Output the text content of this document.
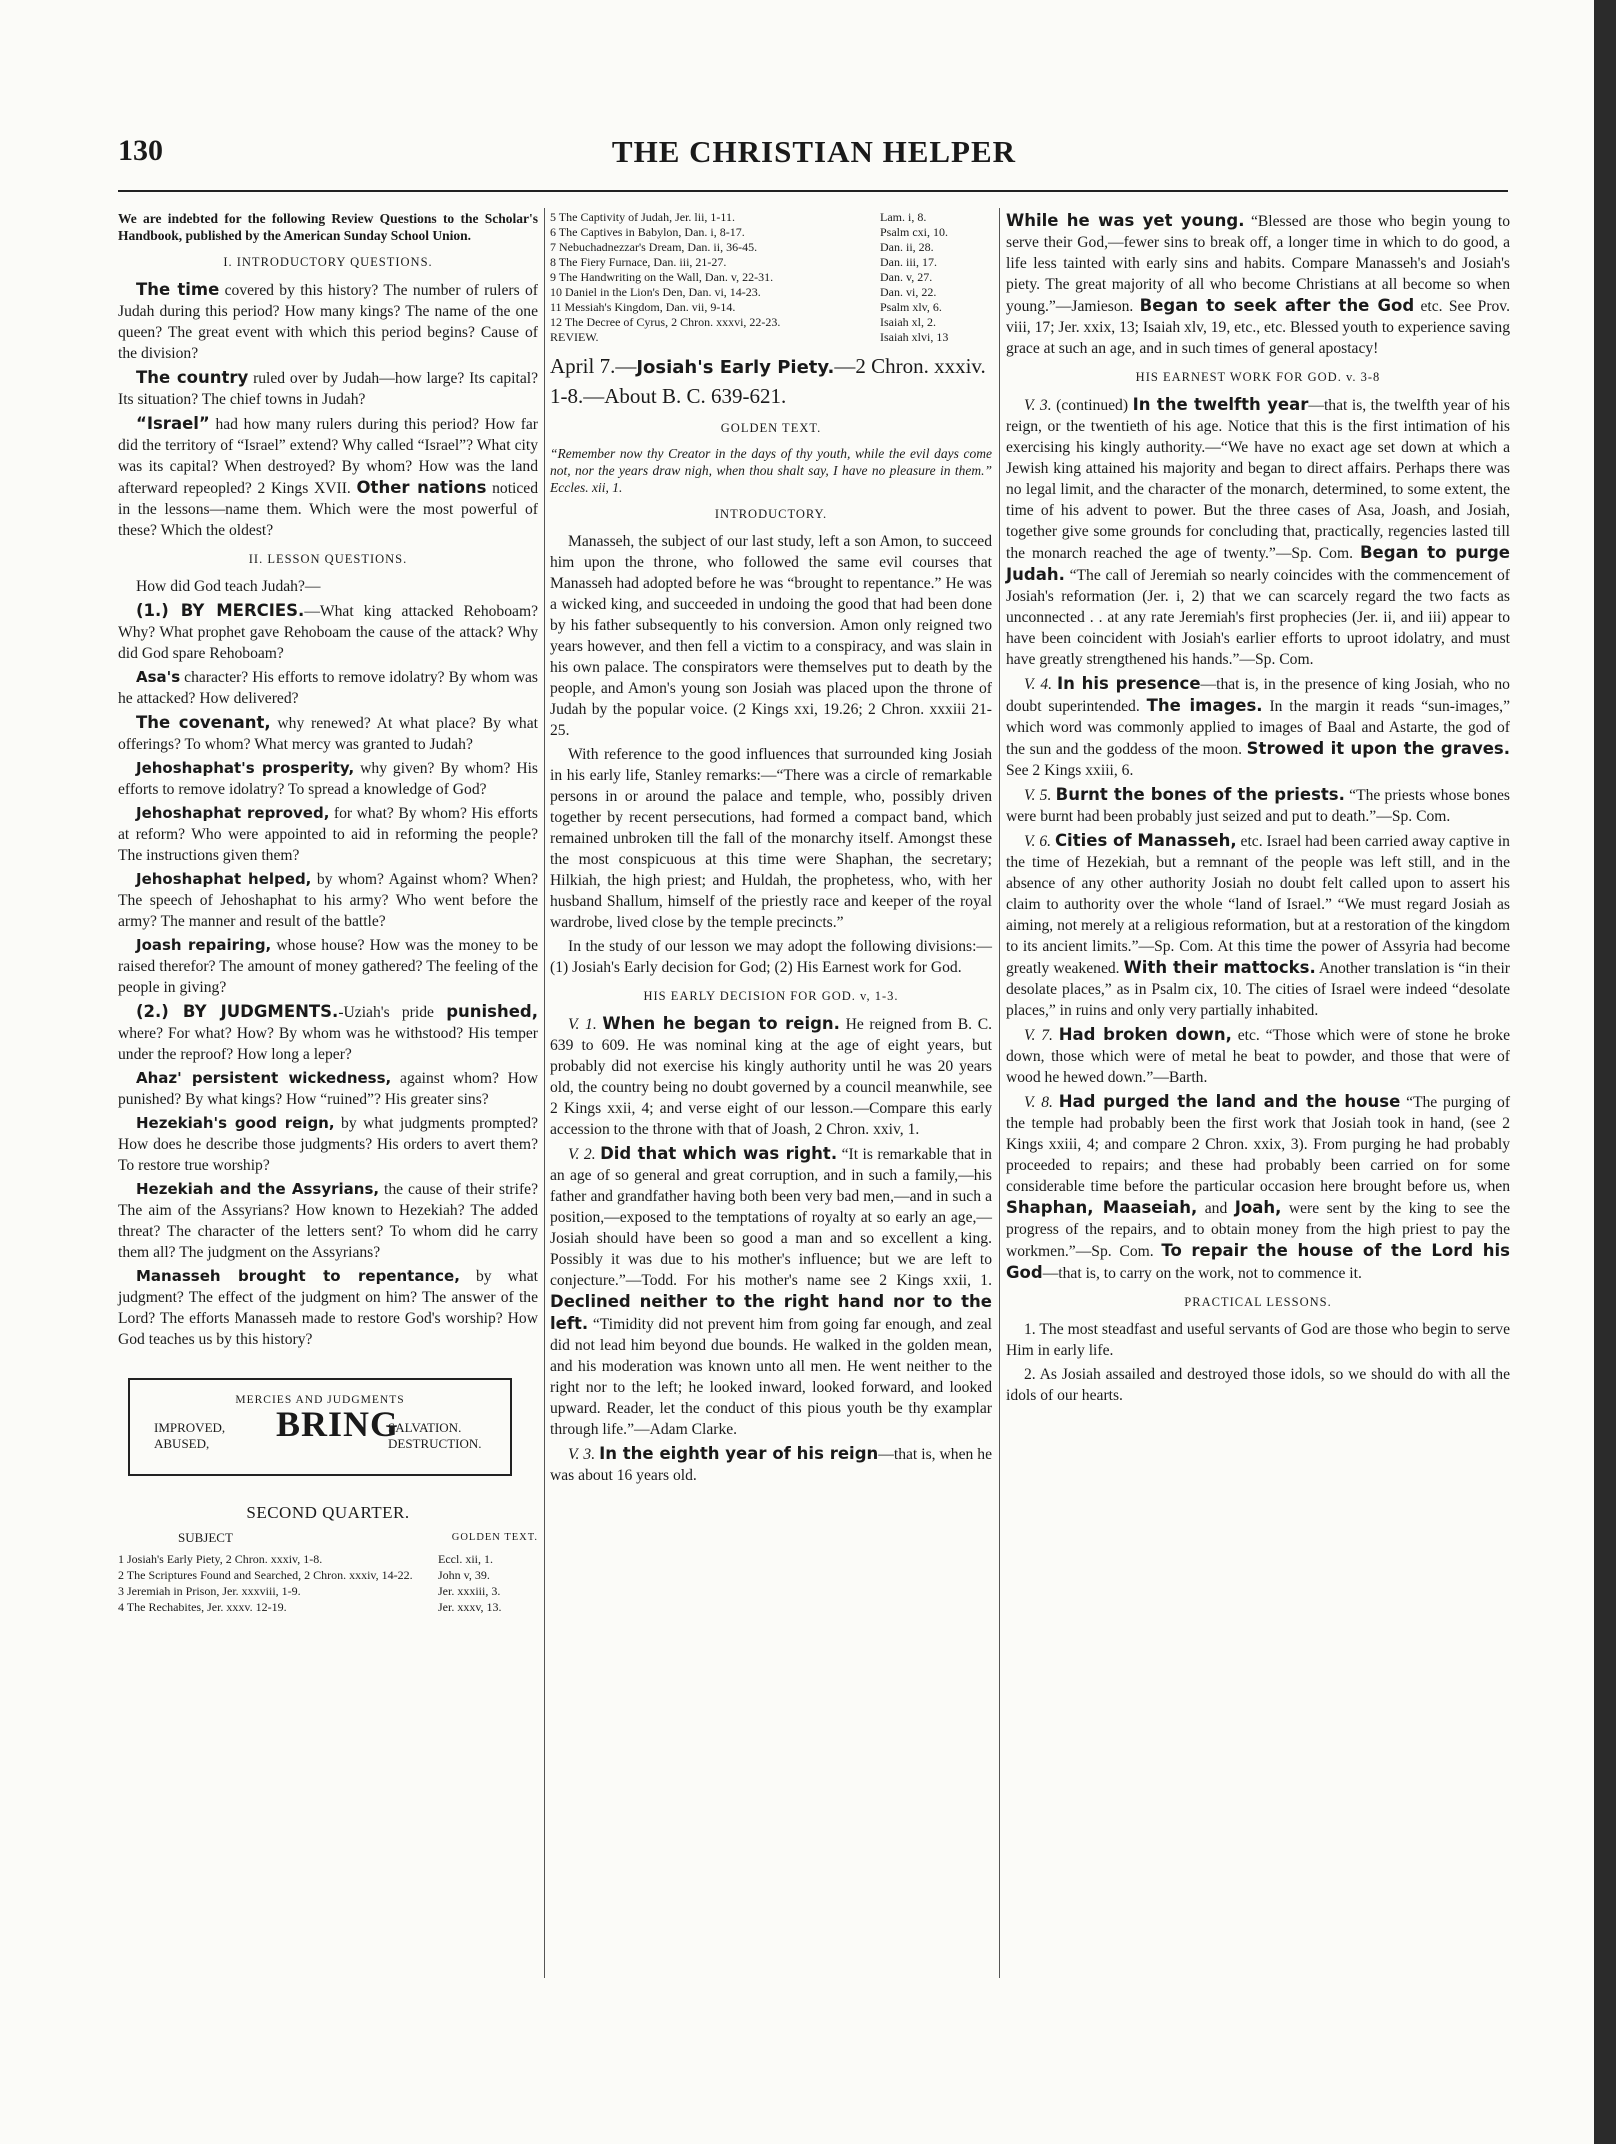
130	THE CHRISTIAN HELPER

We are indebted for the following Review Questions to the Scholar's Handbook, published by the American Sunday School Union.

I. INTRODUCTORY QUESTIONS.

The time covered by this history? The number of rulers of Judah during this period? How many kings? The name of the one queen? The great event with which this period begins? Cause of the division?

The country ruled over by Judah—how large? Its capital? Its situation? The chief towns in Judah?

“Israel” had how many rulers during this period? How far did the territory of “Israel” extend? Why called “Israel”? What city was its capital? When destroyed? By whom? How was the land afterward repeopled? 2 Kings XVII. Other nations noticed in the lessons—name them. Which were the most powerful of these? Which the oldest?

II. LESSON QUESTIONS.

How did God teach Judah?—

(1.) BY MERCIES.—What king attacked Rehoboam? Why? What prophet gave Rehoboam the cause of the attack? Why did God spare Rehoboam?

Asa's character? His efforts to remove idolatry? By whom was he attacked? How delivered?

The covenant, why renewed? At what place? By what offerings? To whom? What mercy was granted to Judah?

Jehoshaphat's prosperity, why given? By whom? His efforts to remove idolatry? To spread a knowledge of God?

Jehoshaphat reproved, for what? By whom? His efforts at reform? Who were appointed to aid in reforming the people? The instructions given them?

Jehoshaphat helped, by whom? Against whom? When? The speech of Jehoshaphat to his army? Who went before the army? The manner and result of the battle?

Joash repairing, whose house? How was the money to be raised therefor? The amount of money gathered? The feeling of the people in giving?

(2.) BY JUDGMENTS.-Uziah's pride punished, where? For what? How? By whom was he withstood? His temper under the reproof? How long a leper?

Ahaz' persistent wickedness, against whom? How punished? By what kings? How “ruined”? His greater sins?

Hezekiah's good reign, by what judgments prompted? How does he describe those judgments? His orders to avert them? To restore true worship?

Hezekiah and the Assyrians, the cause of their strife? The aim of the Assyrians? How known to Hezekiah? The added threat? The character of the letters sent? To whom did he carry them all? The judgment on the Assyrians?

Manasseh brought to repentance, by what judgment? The effect of the judgment on him? The answer of the Lord? The efforts Manasseh made to restore God's worship? How God teaches us by this history?

MERCIES AND JUDGMENTS
IMPROVED,
ABUSED,	BRING
SALVATION.
DESTRUCTION.
SECOND QUARTER.
SUBJECT	GOLDEN TEXT.
1 Josiah's Early Piety, 2 Chron. xxxiv, 1-8.	Eccl. xii, 1.
2 The Scriptures Found and Searched, 2 Chron. xxxiv, 14-22.	John v, 39.
3 Jeremiah in Prison, Jer. xxxviii, 1-9.	Jer. xxxiii, 3.
4 The Rechabites, Jer. xxxv. 12-19.	Jer. xxxv, 13.
5 The Captivity of Judah, Jer. lii, 1-11.	Lam. i, 8.
6 The Captives in Babylon, Dan. i, 8-17.	Psalm cxi, 10.
7 Nebuchadnezzar's Dream, Dan. ii, 36-45.	Dan. ii, 28.
8 The Fiery Furnace, Dan. iii, 21-27.	Dan. iii, 17.
9 The Handwriting on the Wall, Dan. v, 22-31.	Dan. v, 27.
10 Daniel in the Lion's Den, Dan. vi, 14-23.	Dan. vi, 22.
11 Messiah's Kingdom, Dan. vii, 9-14.	Psalm xlv, 6.
12 The Decree of Cyrus, 2 Chron. xxxvi, 22-23.	Isaiah xl, 2.
REVIEW.	Isaiah xlvi, 13
April 7.—Josiah's Early Piety.—2 Chron. xxxiv. 1-8.—About B. C. 639-621.
GOLDEN TEXT.

“Remember now thy Creator in the days of thy youth, while the evil days come not, nor the years draw nigh, when thou shalt say, I have no pleasure in them.” Eccles. xii, 1.

INTRODUCTORY.

Manasseh, the subject of our last study, left a son Amon, to succeed him upon the throne, who followed the same evil courses that Manasseh had adopted before he was “brought to repentance.” He was a wicked king, and succeeded in undoing the good that had been done by his father subsequently to his conversion. Amon only reigned two years however, and then fell a victim to a conspiracy, and was slain in his own palace. The conspirators were themselves put to death by the people, and Amon's young son Josiah was placed upon the throne of Judah by the popular voice. (2 Kings xxi, 19.26; 2 Chron. xxxiii 21-25.

With reference to the good influences that surrounded king Josiah in his early life, Stanley remarks:—“There was a circle of remarkable persons in or around the palace and temple, who, possibly driven together by recent persecutions, had formed a compact band, which remained unbroken till the fall of the monarchy itself. Amongst these the most conspicuous at this time were Shaphan, the secretary; Hilkiah, the high priest; and Huldah, the prophetess, who, with her husband Shallum, himself of the priestly race and keeper of the royal wardrobe, lived close by the temple precincts.”

In the study of our lesson we may adopt the following divisions:—(1) Josiah's Early decision for God; (2) His Earnest work for God.

HIS EARLY DECISION FOR GOD. v, 1-3.

V. 1. When he began to reign. He reigned from B. C. 639 to 609. He was nominal king at the age of eight years, but probably did not exercise his kingly authority until he was 20 years old, the country being no doubt governed by a council meanwhile, see 2 Kings xxii, 4; and verse eight of our lesson.—Compare this early accession to the throne with that of Joash, 2 Chron. xxiv, 1.

V. 2. Did that which was right. “It is remarkable that in an age of so general and great corruption, and in such a family,—his father and grandfather having both been very bad men,—and in such a position,—exposed to the temptations of royalty at so early an age,—Josiah should have been so good a man and so excellent a king. Possibly it was due to his mother's influence; but we are left to conjecture.”—Todd. For his mother's name see 2 Kings xxii, 1. Declined neither to the right hand nor to the left. “Timidity did not prevent him from going far enough, and zeal did not lead him beyond due bounds. He walked in the golden mean, and his moderation was known unto all men. He went neither to the right nor to the left; he looked inward, looked forward, and looked upward. Reader, let the conduct of this pious youth be thy examplar through life.”—Adam Clarke.

V. 3. In the eighth year of his reign—that is, when he was about 16 years old.

While he was yet young. “Blessed are those who begin young to serve their God,—fewer sins to break off, a longer time in which to do good, a life less tainted with early sins and habits. Compare Manasseh's and Josiah's piety. The great majority of all who become Christians at all become so when young.”—Jamieson. Began to seek after the God etc. See Prov. viii, 17; Jer. xxix, 13; Isaiah xlv, 19, etc., etc. Blessed youth to experience saving grace at such an age, and in such times of general apostacy!

HIS EARNEST WORK FOR GOD. v. 3-8

V. 3. (continued) In the twelfth year—that is, the twelfth year of his reign, or the twentieth of his age. Notice that this is the first intimation of his exercising his kingly authority.—“We have no exact age set down at which a Jewish king attained his majority and began to direct affairs. Perhaps there was no legal limit, and the character of the monarch, determined, to some extent, the time of his advent to power. But the three cases of Asa, Joash, and Josiah, together give some grounds for concluding that, practically, regencies lasted till the monarch reached the age of twenty.”—Sp. Com. Began to purge Judah. “The call of Jeremiah so nearly coincides with the commencement of Josiah's reformation (Jer. i, 2) that we can scarcely regard the two facts as unconnected . . at any rate Jeremiah's first prophecies (Jer. ii, and iii) appear to have been coincident with Josiah's earlier efforts to uproot idolatry, and must have greatly strengthened his hands.”—Sp. Com.

V. 4. In his presence—that is, in the presence of king Josiah, who no doubt superintended. The images. In the margin it reads “sun-images,” which word was commonly applied to images of Baal and Astarte, the god of the sun and the goddess of the moon. Strowed it upon the graves. See 2 Kings xxiii, 6.

V. 5. Burnt the bones of the priests. “The priests whose bones were burnt had been probably just seized and put to death.”—Sp. Com.

V. 6. Cities of Manasseh, etc. Israel had been carried away captive in the time of Hezekiah, but a remnant of the people was left still, and in the absence of any other authority Josiah no doubt felt called upon to assert his claim to authority over the whole “land of Israel.” “We must regard Josiah as aiming, not merely at a religious reformation, but at a restoration of the kingdom to its ancient limits.”—Sp. Com. At this time the power of Assyria had become greatly weakened. With their mattocks. Another translation is “in their desolate places,” as in Psalm cix, 10. The cities of Israel were indeed “desolate places,” in ruins and only very partially inhabited.

V. 7. Had broken down, etc. “Those which were of stone he broke down, those which were of metal he beat to powder, and those that were of wood he hewed down.”—Barth.

V. 8. Had purged the land and the house “The purging of the temple had probably been the first work that Josiah took in hand, (see 2 Kings xxiii, 4; and compare 2 Chron. xxix, 3). From purging he had probably proceeded to repairs; and these had probably been carried on for some considerable time before the particular occasion here brought before us, when Shaphan, Maaseiah, and Joah, were sent by the king to see the progress of the repairs, and to obtain money from the high priest to pay the workmen.”—Sp. Com. To repair the house of the Lord his God—that is, to carry on the work, not to commence it.

PRACTICAL LESSONS.

1. The most steadfast and useful servants of God are those who begin to serve Him in early life.

2. As Josiah assailed and destroyed those idols, so we should do with all the idols of our hearts.
